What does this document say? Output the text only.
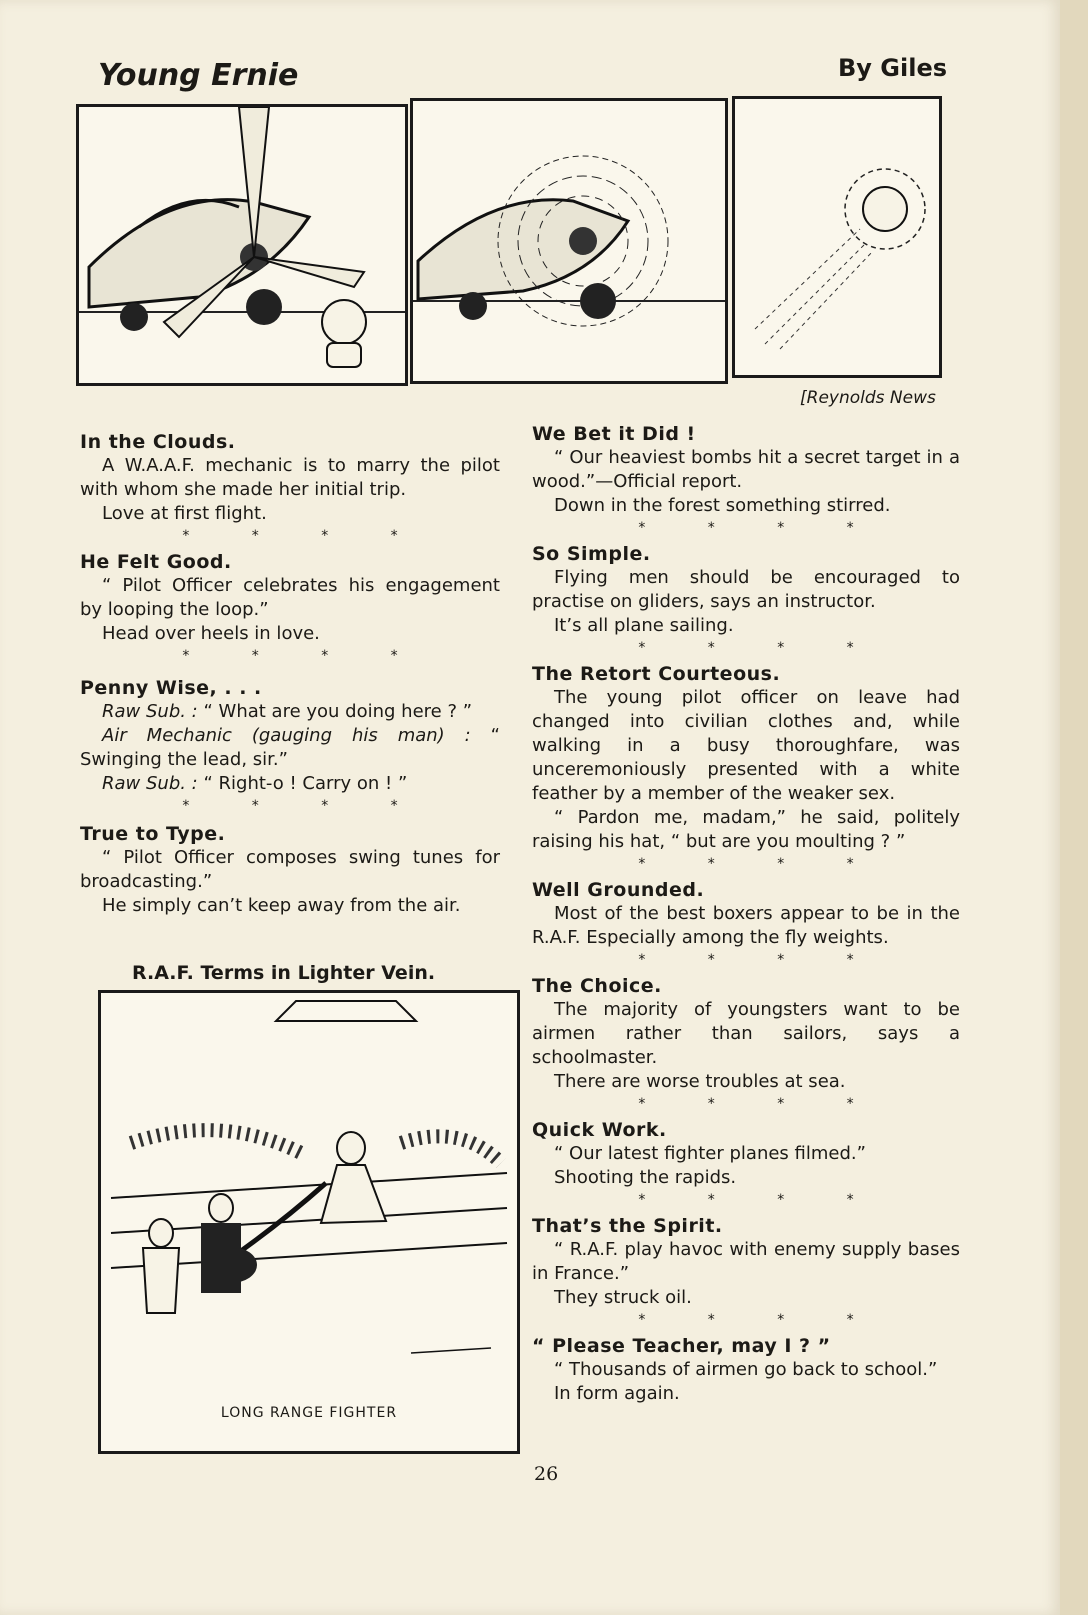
Young Ernie	By Giles
[Reynolds News
In the Clouds.

A W.A.A.F. mechanic is to marry the pilot with whom she made her initial trip.

Love at first flight.

* * * *
He Felt Good.

“ Pilot Officer celebrates his engagement by looping the loop.”

Head over heels in love.

* * * *
Penny Wise, . . .

Raw Sub. : “ What are you doing here ? ”

Air Mechanic (gauging his man) : “ Swinging the lead, sir.”

Raw Sub. : “ Right-o ! Carry on ! ”

* * * *
True to Type.

“ Pilot Officer composes swing tunes for broadcasting.”

He simply can’t keep away from the air.

R.A.F. Terms in Lighter Vein.
LONG RANGE FIGHTER
We Bet it Did !

“ Our heaviest bombs hit a secret target in a wood.”—Official report.

Down in the forest something stirred.

* * * *
So Simple.

Flying men should be encouraged to practise on gliders, says an instructor.

It’s all plane sailing.

* * * *
The Retort Courteous.

The young pilot officer on leave had changed into civilian clothes and, while walking in a busy thoroughfare, was unceremoniously presented with a white feather by a member of the weaker sex.

“ Pardon me, madam,” he said, politely raising his hat, “ but are you moulting ? ”

* * * *
Well Grounded.

Most of the best boxers appear to be in the R.A.F. Especially among the fly weights.

* * * *
The Choice.

The majority of youngsters want to be airmen rather than sailors, says a schoolmaster.

There are worse troubles at sea.

* * * *
Quick Work.

“ Our latest fighter planes filmed.”

Shooting the rapids.

* * * *
That’s the Spirit.

“ R.A.F. play havoc with enemy supply bases in France.”

They struck oil.

* * * *
“ Please Teacher, may I ? ”

“ Thousands of airmen go back to school.”

In form again.

26
